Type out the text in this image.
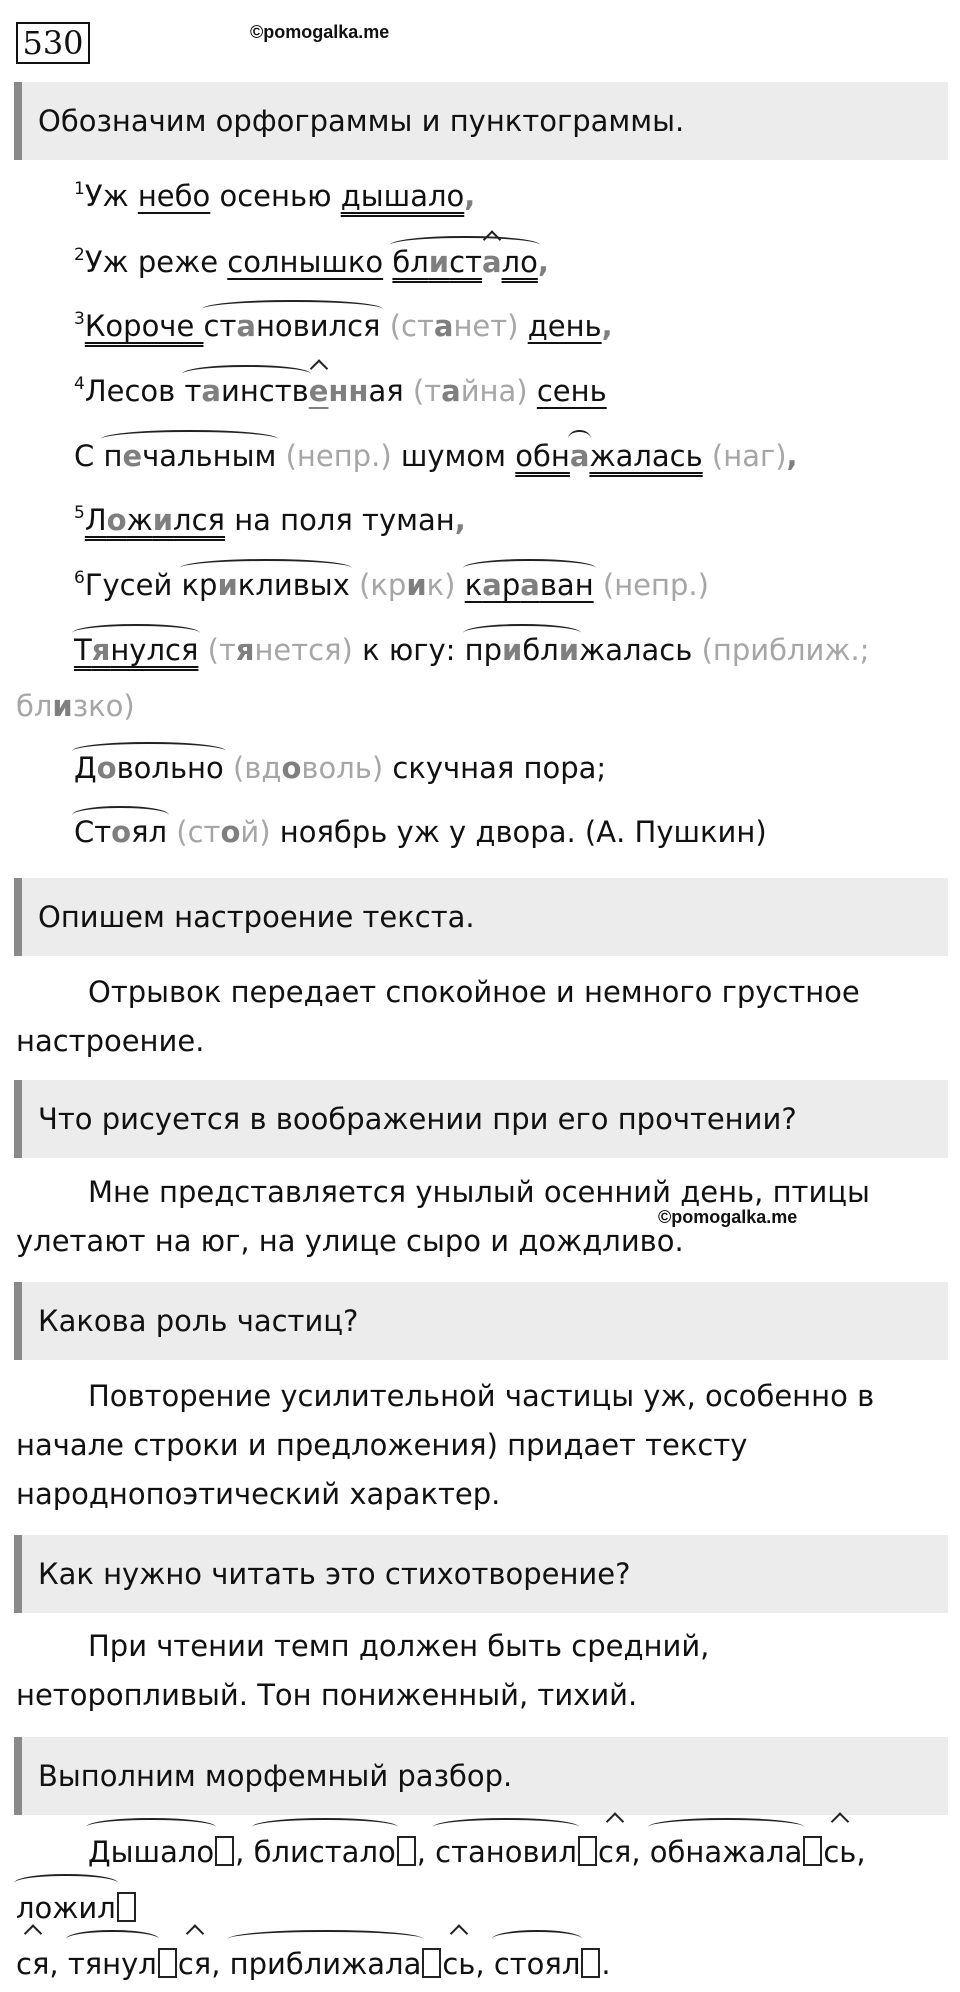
530	©pomogalka.me
Обозначим орфограммы и пунктограммы.
$^1$Уж небо осенью дышало,
$^2$Уж реже солнышко блистало,
$^3$Короче становился (станет) день,
$^4$Лесов таинственная (тайна) сень
С печальным (непр.) шумом обнажалась (наг),
$^5$Ложился на поля туман,
$^6$Гусей крикливых (крик) караван (непр.)
Тянулся (тянется) к югу: приближалась (приближ.;
близко)
Довольно (вдоволь) скучная пора;
Стоял (стой) ноябрь уж у двора. (А. Пушкин)
Опишем настроение текста.
Отрывок передает спокойное и немного грустное настроение.
Что рисуется в воображении при его прочтении?
Мне представляется унылый осенний день, птицы улетают на юг, на улице сыро и дождливо.
©pomogalka.me
Какова роль частиц?
Повторение усилительной частицы уж, особенно в начале строки и предложения) придает тексту народнопоэтический характер.
Как нужно читать это стихотворение?
При чтении темп должен быть средний, неторопливый. Тон пониженный, тихий.
Выполним морфемный разбор.
Дышало , блистало , становил ся, обнажала сь, ложил
ся, тянул ся, приближала сь, стоял .
